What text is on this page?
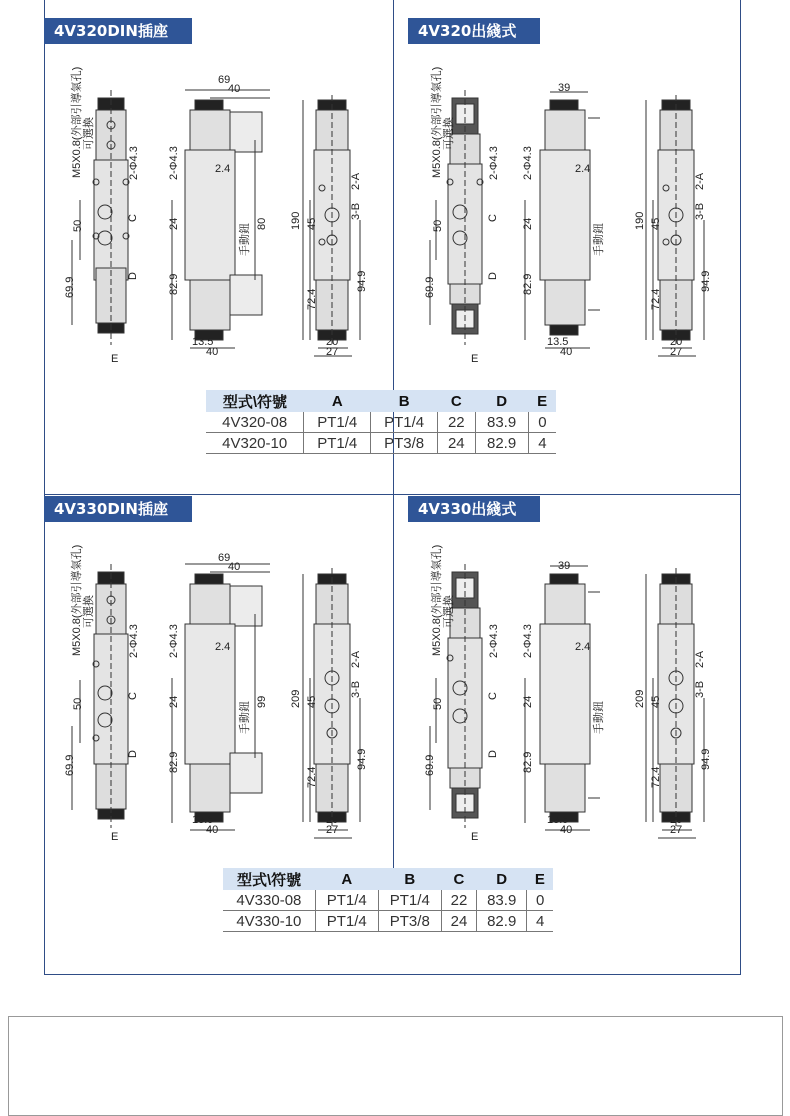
4V320DIN插座式
4V320出綫式
4V330DIN插座式
4V330出綫式
M5X0.8(外部引導氣孔) 可選換
2-Φ4.3
50
69.9
C
D
E
69
40
80
2.4
2-Φ4.3
24
82.9
手動鈕
13.5
40
190 45
72.4
2-A
3-B
94.9
20
27
M5X0.8(外部引導氣孔) 可選換
2-Φ4.3
50
69.9
C
D
E
39
2.4
2-Φ4.3
24
82.9
手動鈕
13.5
40
190 45
72.4
2-A
3-B
94.9
20
27
M5X0.8(外部引導氣孔) 可選換
2-Φ4.3
50
69.9
C
D
E
69
40
99
2.4
2-Φ4.3
24
82.9
手動鈕
13.5
40
209 45
72.4
2-A
3-B
94.9
20
27
M5X0.8(外部引導氣孔) 可選換
2-Φ4.3
50
69.9
C
D
E
39
2.4
2-Φ4.3
24
82.9
手動鈕
13.5
40
209 45
72.4
2-A
3-B
94.9
20
27
型式\符號	A	B	C	D	E
4V320-08	PT1/4	PT1/4	22	83.9	0
4V320-10	PT1/4	PT3/8	24	82.9	4
型式\符號	A	B	C	D	E
4V330-08	PT1/4	PT1/4	22	83.9	0
4V330-10	PT1/4	PT3/8	24	82.9	4
